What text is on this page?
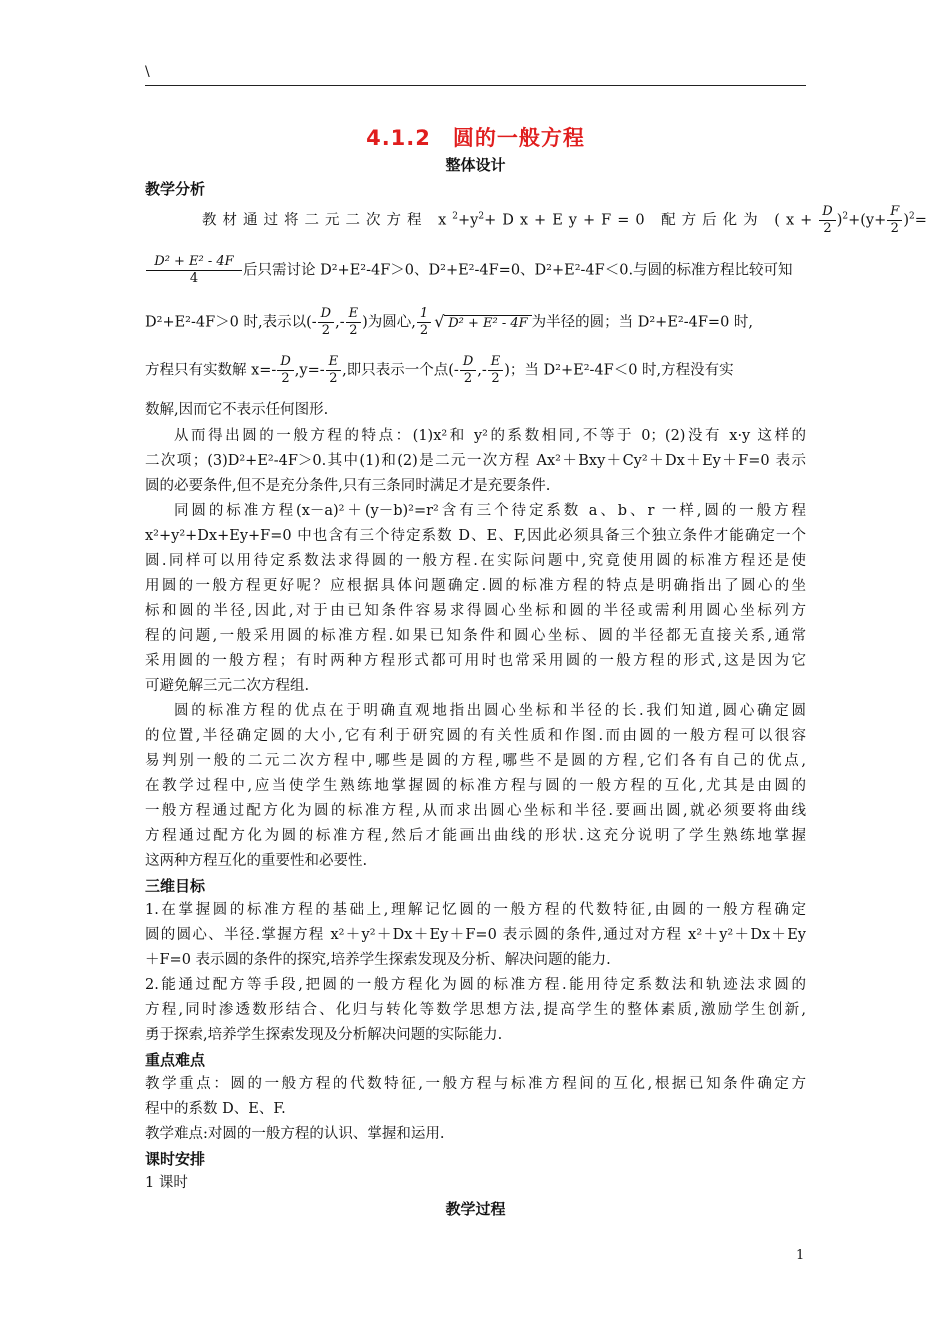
\
4.1.2　圆的一般方程
整体设计
教学分析
教材通过将二元二次方程 $x^2+y^2+Dx+Ey+F=0$ 配方后化为 $(x+ \frac{D}{2} )^2+(y+ \frac{F}{2} )^2=$
$\frac{\text{D² + E² - 4F}}{4}$ 后只需讨论 D²+E²-4F＞0、D²+E²-4F=0、D²+E²-4F＜0.与圆的标准方程比较可知
D²+E²-4F＞0 时,表示以(- $\frac{D}{2}$ ,- $\frac{E}{2}$ )为圆心, $\frac{1}{2}$
√ D² + E² - 4F 为半径的圆；当 D²+E²-4F=0 时,
方程只有实数解 $x=- \frac{D}{2} ,y=- \frac{E}{2}$ ,即只表示一个点(- $\frac{D}{2}$ ,- $\frac{E}{2}$ )；当 D²+E²-4F＜0 时,方程没有实
数解,因而它不表示任何图形.
从而得出圆的一般方程的特点：(1)x²和 y²的系数相同,不等于 0；(2)没有 x·y 这样的
二次项；(3)D²+E²-4F＞0.其中(1)和(2)是二元一次方程 Ax²＋Bxy＋Cy²＋Dx＋Ey＋F=0 表示
圆的必要条件,但不是充分条件,只有三条同时满足才是充要条件.
同圆的标准方程(x－a)²＋(y－b)²=r²含有三个待定系数 a、b、r 一样,圆的一般方程
x²+y²+Dx+Ey+F=0 中也含有三个待定系数 D、E、F,因此必须具备三个独立条件才能确定一个
圆.同样可以用待定系数法求得圆的一般方程.在实际问题中,究竟使用圆的标准方程还是使
用圆的一般方程更好呢？应根据具体问题确定.圆的标准方程的特点是明确指出了圆心的坐
标和圆的半径,因此,对于由已知条件容易求得圆心坐标和圆的半径或需利用圆心坐标列方
程的问题,一般采用圆的标准方程.如果已知条件和圆心坐标、圆的半径都无直接关系,通常
采用圆的一般方程；有时两种方程形式都可用时也常采用圆的一般方程的形式,这是因为它
可避免解三元二次方程组.
圆的标准方程的优点在于明确直观地指出圆心坐标和半径的长.我们知道,圆心确定圆
的位置,半径确定圆的大小,它有利于研究圆的有关性质和作图.而由圆的一般方程可以很容
易判别一般的二元二次方程中,哪些是圆的方程,哪些不是圆的方程,它们各有自己的优点,
在教学过程中,应当使学生熟练地掌握圆的标准方程与圆的一般方程的互化,尤其是由圆的
一般方程通过配方化为圆的标准方程,从而求出圆心坐标和半径.要画出圆,就必须要将曲线
方程通过配方化为圆的标准方程,然后才能画出曲线的形状.这充分说明了学生熟练地掌握
这两种方程互化的重要性和必要性.
三维目标
1.在掌握圆的标准方程的基础上,理解记忆圆的一般方程的代数特征,由圆的一般方程确定
圆的圆心、半径.掌握方程 x²＋y²＋Dx＋Ey＋F=0 表示圆的条件,通过对方程 x²＋y²＋Dx＋Ey
＋F=0 表示圆的条件的探究,培养学生探索发现及分析、解决问题的能力.
2.能通过配方等手段,把圆的一般方程化为圆的标准方程.能用待定系数法和轨迹法求圆的
方程,同时渗透数形结合、化归与转化等数学思想方法,提高学生的整体素质,激励学生创新,
勇于探索,培养学生探索发现及分析解决问题的实际能力.
重点难点
教学重点：圆的一般方程的代数特征,一般方程与标准方程间的互化,根据已知条件确定方
程中的系数 D、E、F.
教学难点:对圆的一般方程的认识、掌握和运用.
课时安排
1 课时
教学过程
1
